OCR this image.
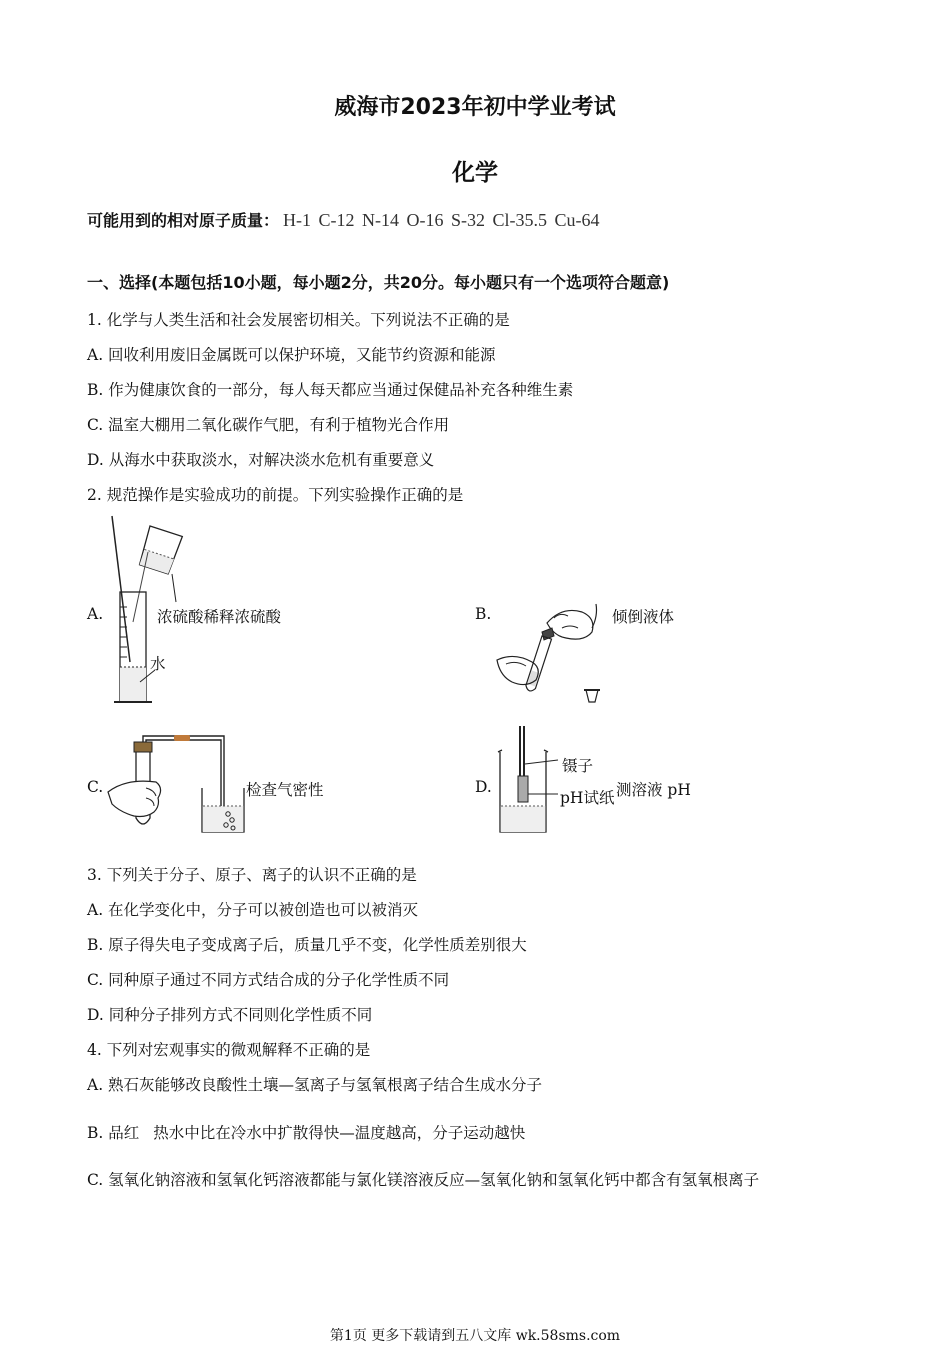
威海市2023年初中学业考试
化学
可能用到的相对原子质量： H-1 C-12 N-14 O-16 S-32 Cl-35.5 Cu-64
一、选择(本题包括10小题，每小题2分，共20分。每小题只有一个选项符合题意)
1. 化学与人类生活和社会发展密切相关。下列说法不正确的是
A. 回收利用废旧金属既可以保护环境，又能节约资源和能源
B. 作为健康饮食的一部分，每人每天都应当通过保健品补充各种维生素
C. 温室大棚用二氧化碳作气肥，有利于植物光合作用
D. 从海水中获取淡水，对解决淡水危机有重要意义
2. 规范操作是实验成功的前提。下列实验操作正确的是
A.	浓硫酸稀释浓硫酸
水
B.	倾倒液体
C.	检查气密性	D.
镊子
pH试纸 测溶液 pH
3. 下列关于分子、原子、离子的认识不正确的是
A. 在化学变化中，分子可以被创造也可以被消灭
B. 原子得失电子变成离子后，质量几乎不变，化学性质差别很大
C. 同种原子通过不同方式结合成的分子化学性质不同
D. 同种分子排列方式不同则化学性质不同
4. 下列对宏观事实的微观解释不正确的是
A. 熟石灰能够改良酸性土壤—氢离子与氢氧根离子结合生成水分子
B. 品红 热水中比在冷水中扩散得快—温度越高，分子运动越快
C. 氢氧化钠溶液和氢氧化钙溶液都能与氯化镁溶液反应—氢氧化钠和氢氧化钙中都含有氢氧根离子
第1页 更多下载请到五八文库 wk.58sms.com
